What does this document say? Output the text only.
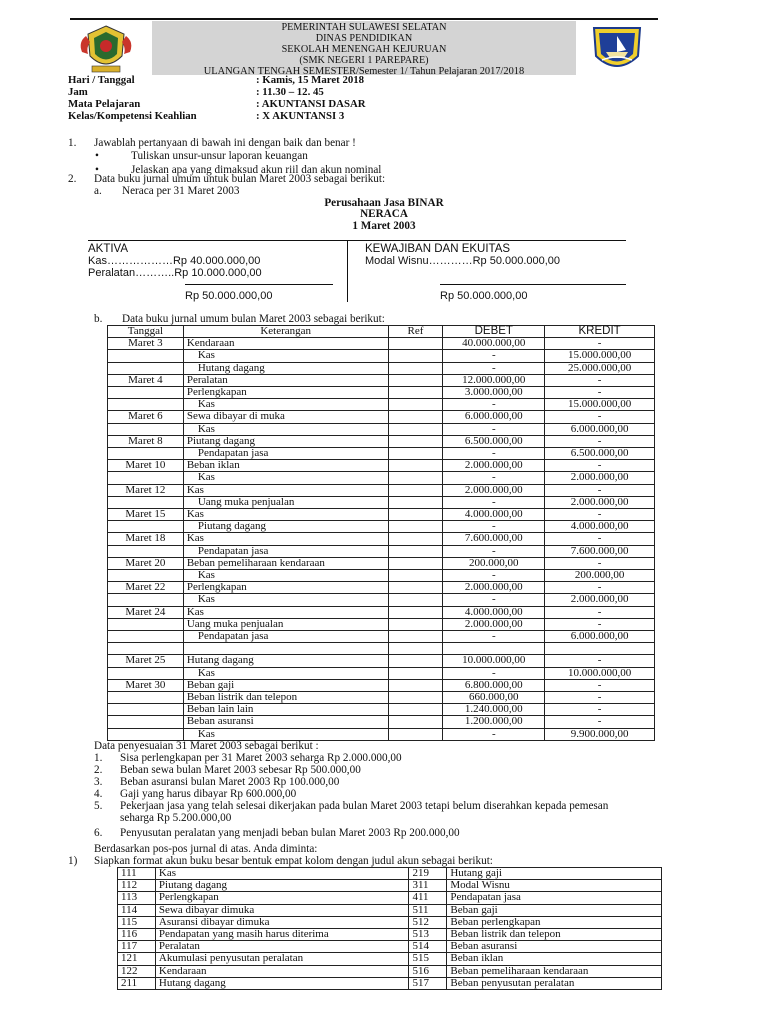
PEMERINTAH SULAWESI SELATAN
DINAS PENDIDIKAN
SEKOLAH MENENGAH KEJURUAN
(SMK NEGERI 1 PAREPARE)
ULANGAN TENGAH SEMESTER/Semester 1/ Tahun Pelajaran 2017/2018
Hari / Tanggal	: Kamis, 15 Maret 2018
Jam	: 11.30 – 12. 45
Mata Pelajaran	: AKUNTANSI DASAR
Kelas/Kompetensi Keahlian	: X AKUNTANSI 3
1. Jawablah pertanyaan di bawah ini dengan baik dan benar !
•	Tuliskan unsur-unsur laporan keuangan
•	Jelaskan apa yang dimaksud akun riil dan akun nominal
2. Data buku jurnal umum untuk bulan Maret 2003 sebagai berikut:
a. Neraca per 31 Maret 2003
Perusahaan Jasa BINAR
NERACA
1 Maret 2003
AKTIVA	KEWAJIBAN DAN EKUITAS
Kas………………Rp 40.000.000,00
Peralatan………..Rp 10.000.000,00
Modal Wisnu…………Rp 50.000.000,00
Rp 50.000.000,00	Rp 50.000.000,00
b. Data buku jurnal umum bulan Maret 2003 sebagai berikut:
Tanggal	Keterangan	Ref	DEBET	KREDIT
Maret 3	Kendaraan		40.000.000,00	-
	Kas		-	15.000.000,00
	Hutang dagang		-	25.000.000,00
Maret 4	Peralatan		12.000.000,00	-
	Perlengkapan		3.000.000,00	-
	Kas		-	15.000.000,00
Maret 6	Sewa dibayar di muka		6.000.000,00	-
	Kas		-	6.000.000,00
Maret 8	Piutang dagang		6.500.000,00	-
	Pendapatan jasa		-	6.500.000,00
Maret 10	Beban iklan		2.000.000,00	-
	Kas		-	2.000.000,00
Maret 12	Kas		2.000.000,00	-
	Uang muka penjualan		-	2.000.000,00
Maret 15	Kas		4.000.000,00	-
	Piutang dagang		-	4.000.000,00
Maret 18	Kas		7.600.000,00	-
	Pendapatan jasa		-	7.600.000,00
Maret 20	Beban pemeliharaan kendaraan		200.000,00	-
	Kas		-	200.000,00
Maret 22	Perlengkapan		2.000.000,00	-
	Kas		-	2.000.000,00
Maret 24	Kas		4.000.000,00	-
	Uang muka penjualan		2.000.000,00	-
	Pendapatan jasa		-	6.000.000,00

Maret 25	Hutang dagang		10.000.000,00	-
	Kas		-	10.000.000,00
Maret 30	Beban gaji		6.800.000,00	-
	Beban listrik dan telepon		660.000,00	-
	Beban lain lain		1.240.000,00	-
	Beban asuransi		1.200.000,00	-
	Kas		-	9.900.000,00
Data penyesuaian 31 Maret 2003 sebagai berikut :
1. Sisa perlengkapan per 31 Maret 2003 seharga Rp 2.000.000,00
2. Beban sewa bulan Maret 2003 sebesar Rp 500.000,00
3. Beban asuransi bulan Maret 2003 Rp 100.000,00
4. Gaji yang harus dibayar Rp 600.000,00
5. Pekerjaan jasa yang telah selesai dikerjakan pada bulan Maret 2003 tetapi belum diserahkan kepada pemesan
seharga Rp 5.200.000,00
6. Penyusutan peralatan yang menjadi beban bulan Maret 2003 Rp 200.000,00
Berdasarkan pos-pos jurnal di atas. Anda diminta:
1) Siapkan format akun buku besar bentuk empat kolom dengan judul akun sebagai berikut:
111	Kas	219	Hutang gaji
112	Piutang dagang	311	Modal Wisnu
113	Perlengkapan	411	Pendapatan jasa
114	Sewa dibayar dimuka	511	Beban gaji
115	Asuransi dibayar dimuka	512	Beban perlengkapan
116	Pendapatan yang masih harus diterima	513	Beban listrik dan telepon
117	Peralatan	514	Beban asuransi
121	Akumulasi penyusutan peralatan	515	Beban iklan
122	Kendaraan	516	Beban pemeliharaan kendaraan
211	Hutang dagang	517	Beban penyusutan peralatan
